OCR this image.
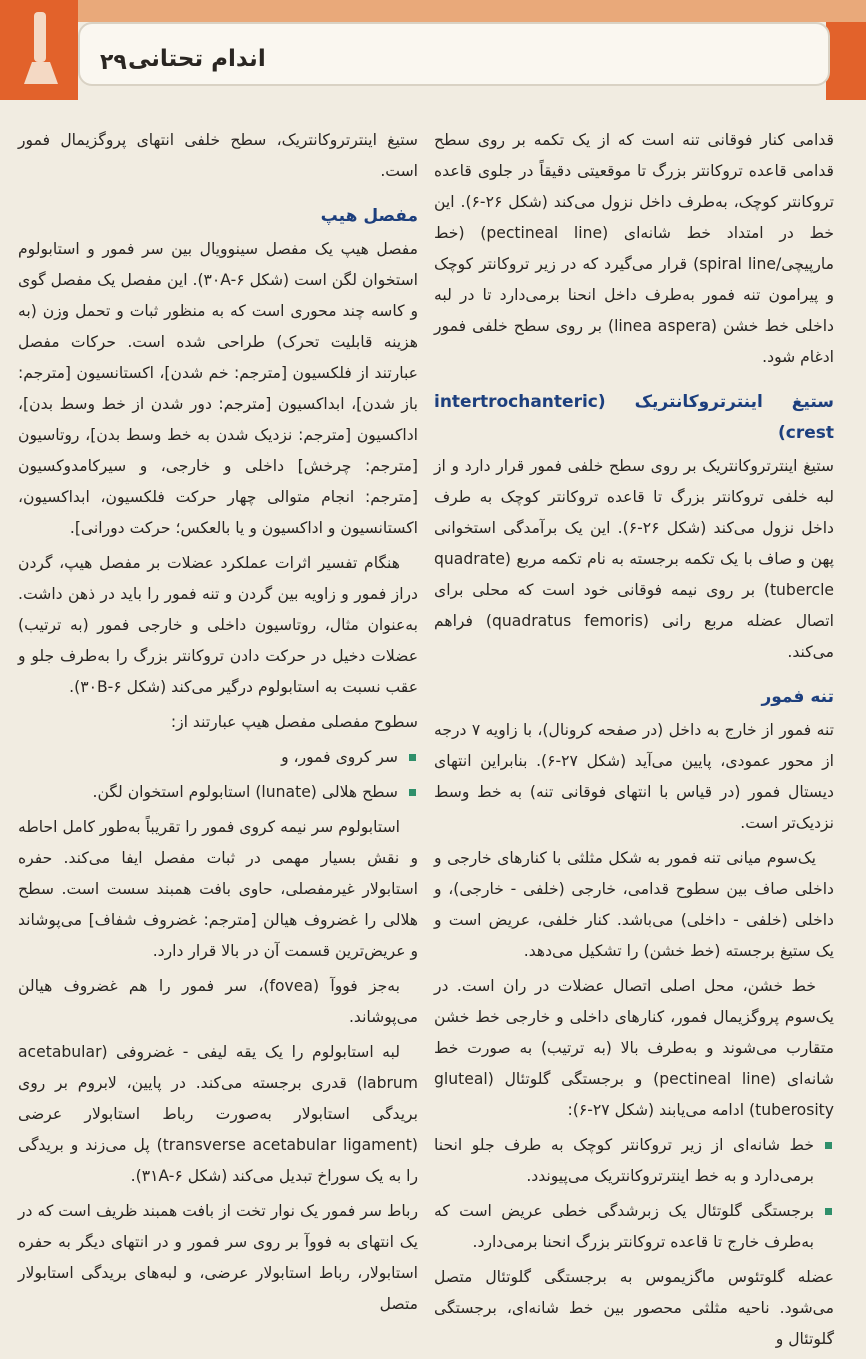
۲۹ اندام تحتانی

قدامی کنار فوقانی تنه است که از یک تکمه بر روی سطح قدامی قاعده تروکانتر بزرگ تا موقعیتی دقیقاً در جلوی قاعده تروکانتر کوچک، به‌طرف داخل نزول می‌کند (شکل ۲۶-۶). این خط در امتداد خط شانه‌ای (pectineal line) (خط مارپیچی/spiral line) قرار می‌گیرد که در زیر تروکانتر کوچک و پیرامون تنه فمور به‌طرف داخل انحنا برمی‌دارد تا در لبه داخلی خط خشن (linea aspera) بر روی سطح خلفی فمور ادغام شود.

ستیغ اینترتروکانتریک (intertrochanteric crest)

ستیغ اینترتروکانتریک بر روی سطح خلفی فمور قرار دارد و از لبه خلفی تروکانتر بزرگ تا قاعده تروکانتر کوچک به طرف داخل نزول می‌کند (شکل ۲۶-۶). این یک برآمدگی استخوانی پهن و صاف با یک تکمه برجسته به نام تکمه مربع (quadrate tubercle) بر روی نیمه فوقانی خود است که محلی برای اتصال عضله مربع رانی (quadratus femoris) فراهم می‌کند.

تنه فمور

تنه فمور از خارج به داخل (در صفحه کرونال)، با زاویه ۷ درجه از محور عمودی، پایین می‌آید (شکل ۲۷-۶). بنابراین انتهای دیستال فمور (در قیاس با انتهای فوقانی تنه) به خط وسط نزدیک‌تر است.

یک‌سوم میانی تنه فمور به شکل مثلثی با کنارهای خارجی و داخلی صاف بین سطوح قدامی، خارجی (خلفی - خارجی)، و داخلی (خلفی - داخلی) می‌باشد. کنار خلفی، عریض است و یک ستیغ برجسته (خط خشن) را تشکیل می‌دهد.

خط خشن، محل اصلی اتصال عضلات در ران است. در یک‌سوم پروگزیمال فمور، کنارهای داخلی و خارجی خط خشن متقارب می‌شوند و به‌طرف بالا (به ترتیب) به صورت خط شانه‌ای (pectineal line) و برجستگی گلوتئال (gluteal tuberosity) ادامه می‌یابند (شکل ۲۷-۶):

خط شانه‌ای از زیر تروکانتر کوچک به طرف جلو انحنا برمی‌دارد و به خط اینترتروکانتریک می‌پیوندد.
برجستگی گلوتئال یک زبرشدگی خطی عریض است که به‌طرف خارج تا قاعده تروکانتر بزرگ انحنا برمی‌دارد.

عضله گلوتئوس ماگزیموس به برجستگی گلوتئال متصل می‌شود. ناحیه مثلثی محصور بین خط شانه‌ای، برجستگی گلوتئال و

ستیغ اینترتروکانتریک، سطح خلفی انتهای پروگزیمال فمور است.

مفصل هیپ

مفصل هیپ یک مفصل سینوویال بین سر فمور و استابولوم استخوان لگن است (شکل ۳۰A-۶). این مفصل یک مفصل گوی و کاسه چند محوری است که به منظور ثبات و تحمل وزن (به هزینه قابلیت تحرک) طراحی شده است. حرکات مفصل عبارتند از فلکسیون [مترجم: خم شدن]، اکستانسیون [مترجم: باز شدن]، ابداکسیون [مترجم: دور شدن از خط وسط بدن]، اداکسیون [مترجم: نزدیک شدن به خط وسط بدن]، روتاسیون [مترجم: چرخش] داخلی و خارجی، و سیرکامدوکسیون [مترجم: انجام متوالی چهار حرکت فلکسیون، ابداکسیون، اکستانسیون و اداکسیون و یا بالعکس؛ حرکت دورانی].

هنگام تفسیر اثرات عملکرد عضلات بر مفصل هیپ، گردن دراز فمور و زاویه بین گردن و تنه فمور را باید در ذهن داشت. به‌عنوان مثال، روتاسیون داخلی و خارجی فمور (به ترتیب) عضلات دخیل در حرکت دادن تروکانتر بزرگ را به‌طرف جلو و عقب نسبت به استابولوم درگیر می‌کند (شکل ۳۰B-۶).

سطوح مفصلی مفصل هیپ عبارتند از:

سر کروی فمور، و
سطح هلالی (lunate) استابولوم استخوان لگن.

استابولوم سر نیمه کروی فمور را تقریباً به‌طور کامل احاطه و نقش بسیار مهمی در ثبات مفصل ایفا می‌کند. حفره استابولار غیرمفصلی، حاوی بافت همبند سست است. سطح هلالی را غضروف هیالن [مترجم: غضروف شفاف] می‌پوشاند و عریض‌ترین قسمت آن در بالا قرار دارد.

به‌جز فووآ (fovea)، سر فمور را هم غضروف هیالن می‌پوشاند.

لبه استابولوم را یک یقه لیفی - غضروفی (acetabular labrum) قدری برجسته می‌کند. در پایین، لابروم بر روی بریدگی استابولار به‌صورت رباط استابولار عرضی (transverse acetabular ligament) پل می‌زند و بریدگی را به یک سوراخ تبدیل می‌کند (شکل ۳۱A-۶).

رباط سر فمور یک نوار تخت از بافت همبند ظریف است که در یک انتهای به فووآ بر روی سر فمور و در انتهای دیگر به حفره استابولار، رباط استابولار عرضی، و لبه‌های بریدگی استابولار متصل
